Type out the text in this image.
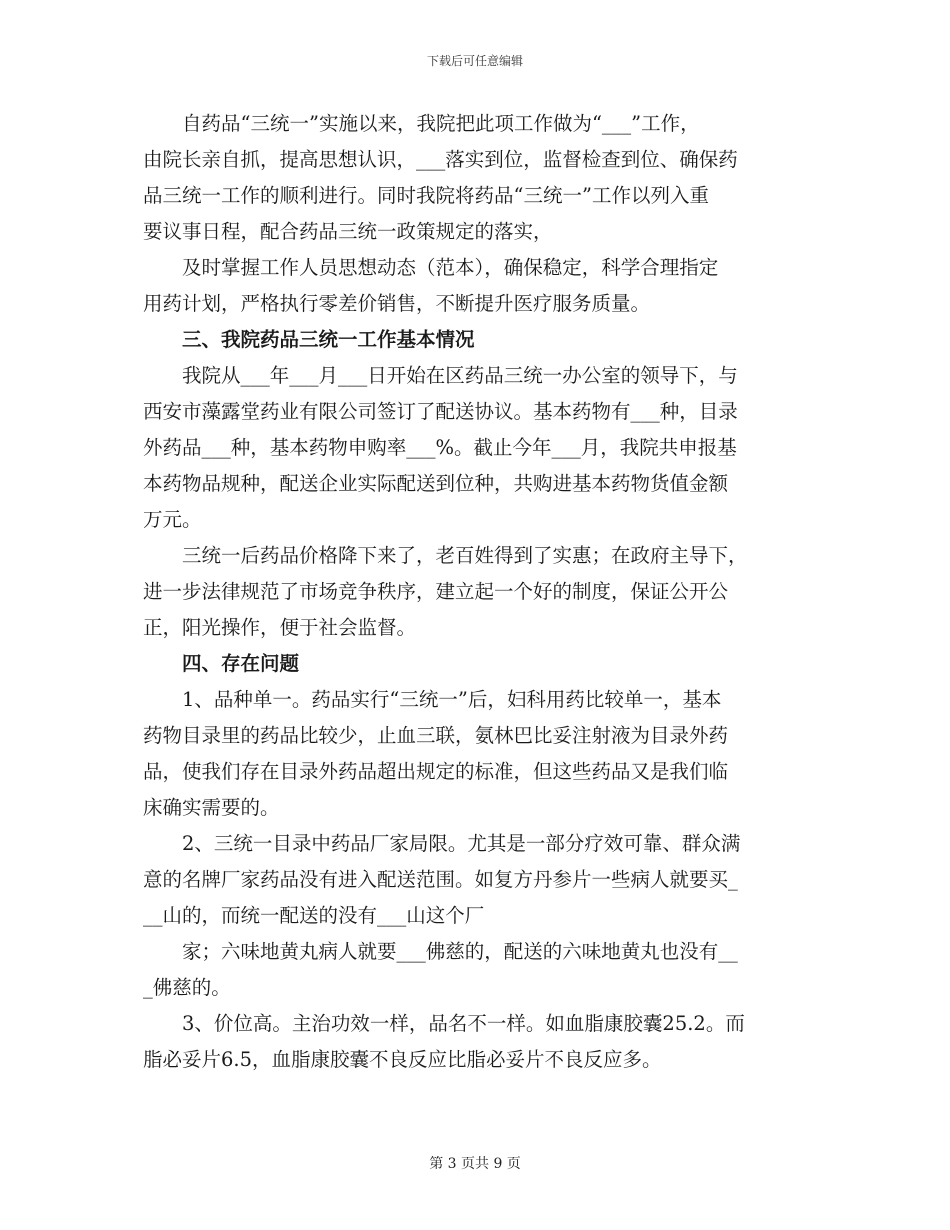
下载后可任意编辑
自药品“三统一”实施以来，我院把此项工作做为“___”工作，
由院长亲自抓，提高思想认识，___落实到位，监督检查到位、确保药
品三统一工作的顺利进行。同时我院将药品“三统一”工作以列入重
要议事日程，配合药品三统一政策规定的落实，
及时掌握工作人员思想动态（范本），确保稳定，科学合理指定
用药计划，严格执行零差价销售，不断提升医疗服务质量。
三、我院药品三统一工作基本情况
我院从___年___月___日开始在区药品三统一办公室的领导下，与
西安市藻露堂药业有限公司签订了配送协议。基本药物有___种，目录
外药品___种，基本药物申购率___%。截止今年___月，我院共申报基
本药物品规种，配送企业实际配送到位种，共购进基本药物货值金额
万元。
三统一后药品价格降下来了，老百姓得到了实惠；在政府主导下，
进一步法律规范了市场竞争秩序，建立起一个好的制度，保证公开公
正，阳光操作，便于社会监督。
四、存在问题
1、品种单一。药品实行“三统一”后，妇科用药比较单一，基本
药物目录里的药品比较少，止血三联，氨林巴比妥注射液为目录外药
品，使我们存在目录外药品超出规定的标准，但这些药品又是我们临
床确实需要的。
2、三统一目录中药品厂家局限。尤其是一部分疗效可靠、群众满
意的名牌厂家药品没有进入配送范围。如复方丹参片一些病人就要买_
__山的，而统一配送的没有___山这个厂
家；六味地黄丸病人就要___佛慈的，配送的六味地黄丸也没有__
_佛慈的。
3、价位高。主治功效一样，品名不一样。如血脂康胶囊25.2。而
脂必妥片6.5，血脂康胶囊不良反应比脂必妥片不良反应多。
第 3 页共 9 页
